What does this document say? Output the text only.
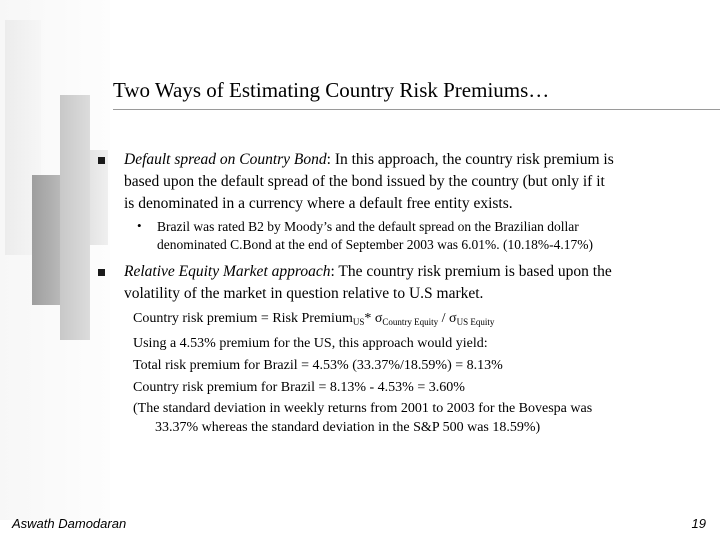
Two Ways of Estimating Country Risk Premiums…
Default spread on Country Bond: In this approach, the country risk premium is
based upon the default spread of the bond issued by the country (but only if it
is denominated in a currency where a default free entity exists.
• Brazil was rated B2 by Moody’s and the default spread on the Brazilian dollar
denominated C.Bond at the end of September 2003 was 6.01%. (10.18%-4.17%)
Relative Equity Market approach: The country risk premium is based upon the
volatility of the market in question relative to U.S market.
Country risk premium = Risk Premium$_{US}$* $\sigma_{Country Equity} / \sigma_{US Equity}$
Using a 4.53% premium for the US, this approach would yield:
Total risk premium for Brazil = 4.53% (33.37%/18.59%) = 8.13%
Country risk premium for Brazil = 8.13% - 4.53% = 3.60%
(The standard deviation in weekly returns from 2001 to 2003 for the Bovespa was
33.37% whereas the standard deviation in the S&P 500 was 18.59%)
Aswath Damodaran	19
